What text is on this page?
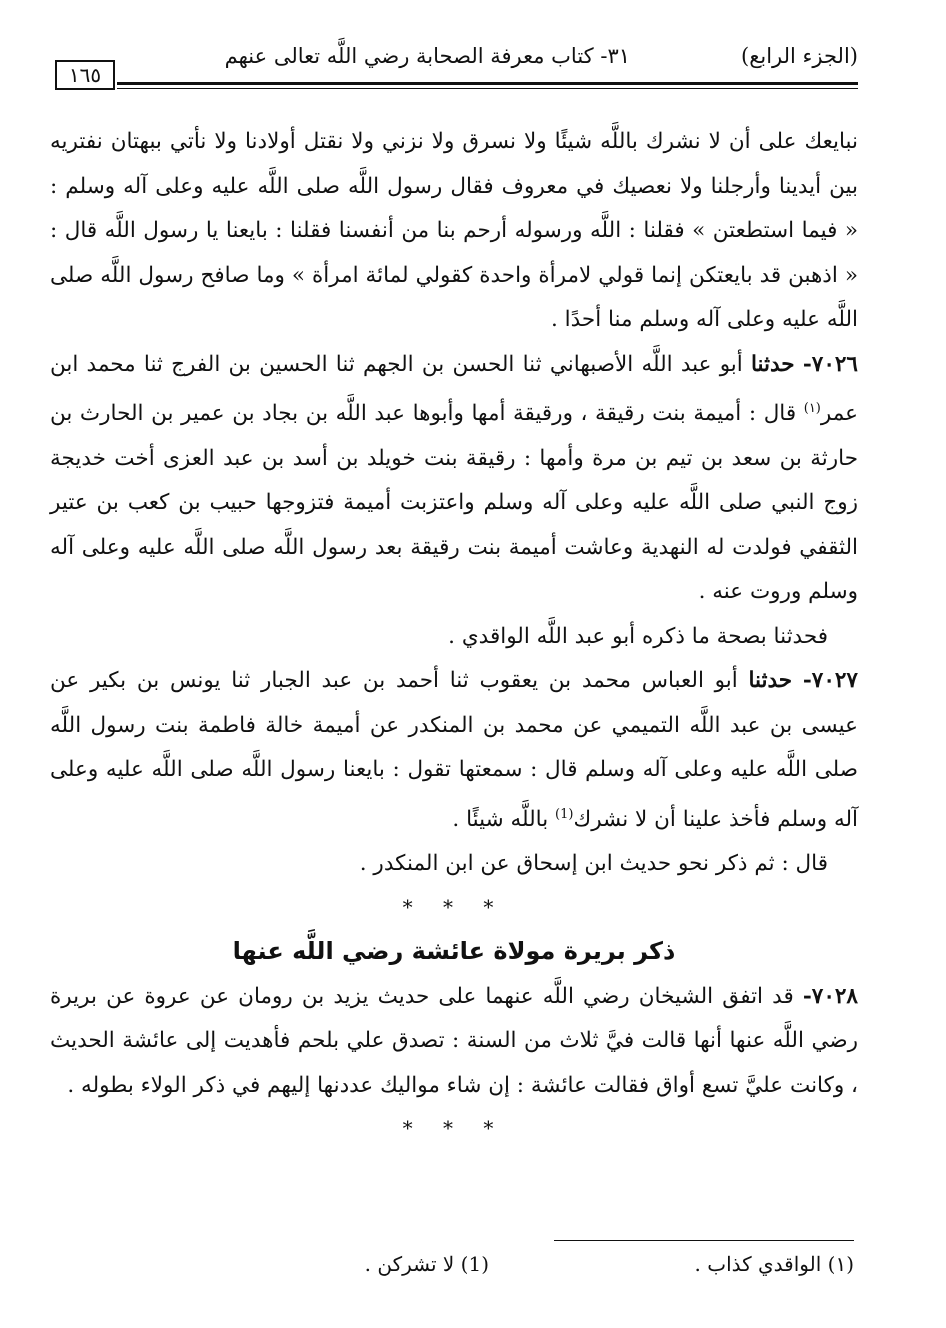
(الجزء الرابع)
٣١- كتاب معرفة الصحابة رضي اللَّه تعالى عنهم
١٦٥

نبايعك على أن لا نشرك باللَّه شيئًا ولا نسرق ولا نزني ولا نقتل أولادنا ولا نأتي ببهتان نفتريه بين أيدينا وأرجلنا ولا نعصيك في معروف فقال رسول اللَّه صلى اللَّه عليه وعلى آله وسلم : « فيما استطعتن » فقلنا : اللَّه ورسوله أرحم بنا من أنفسنا فقلنا : بايعنا يا رسول اللَّه قال : « اذهبن قد بايعتكن إنما قولي لامرأة واحدة كقولي لمائة امرأة » وما صافح رسول اللَّه صلى اللَّه عليه وعلى آله وسلم منا أحدًا .

٧٠٢٦- حدثنا أبو عبد اللَّه الأصبهاني ثنا الحسن بن الجهم ثنا الحسين بن الفرج ثنا محمد ابن عمر$^{(١)}$ قال : أميمة بنت رقيقة ، ورقيقة أمها وأبوها عبد اللَّه بن بجاد بن عمير بن الحارث بن حارثة بن سعد بن تيم بن مرة وأمها : رقيقة بنت خويلد بن أسد بن عبد العزى أخت خديجة زوج النبي صلى اللَّه عليه وعلى آله وسلم واعتزبت أميمة فتزوجها حبيب بن كعب بن عتير الثقفي فولدت له النهدية وعاشت أميمة بنت رقيقة بعد رسول اللَّه صلى اللَّه عليه وعلى آله وسلم وروت عنه .

فحدثنا بصحة ما ذكره أبو عبد اللَّه الواقدي .

٧٠٢٧- حدثنا أبو العباس محمد بن يعقوب ثنا أحمد بن عبد الجبار ثنا يونس بن بكير عن عيسى بن عبد اللَّه التميمي عن محمد بن المنكدر عن أميمة خالة فاطمة بنت رسول اللَّه صلى اللَّه عليه وعلى آله وسلم قال : سمعتها تقول : بايعنا رسول اللَّه صلى اللَّه عليه وعلى آله وسلم فأخذ علينا أن لا نشرك$^{(1)}$ باللَّه شيئًا .

قال : ثم ذكر نحو حديث ابن إسحاق عن ابن المنكدر .

* * *

ذكر بريرة مولاة عائشة رضي اللَّه عنها

٧٠٢٨- قد اتفق الشيخان رضي اللَّه عنهما على حديث يزيد بن رومان عن عروة عن بريرة رضي اللَّه عنها أنها قالت فيَّ ثلاث من السنة : تصدق علي بلحم فأهديت إلى عائشة الحديث ، وكانت عليَّ تسع أواق فقالت عائشة : إن شاء مواليك عددنها إليهم في ذكر الولاء بطوله .

* * *

(١) الواقدي كذاب .
(1) لا تشركن .
